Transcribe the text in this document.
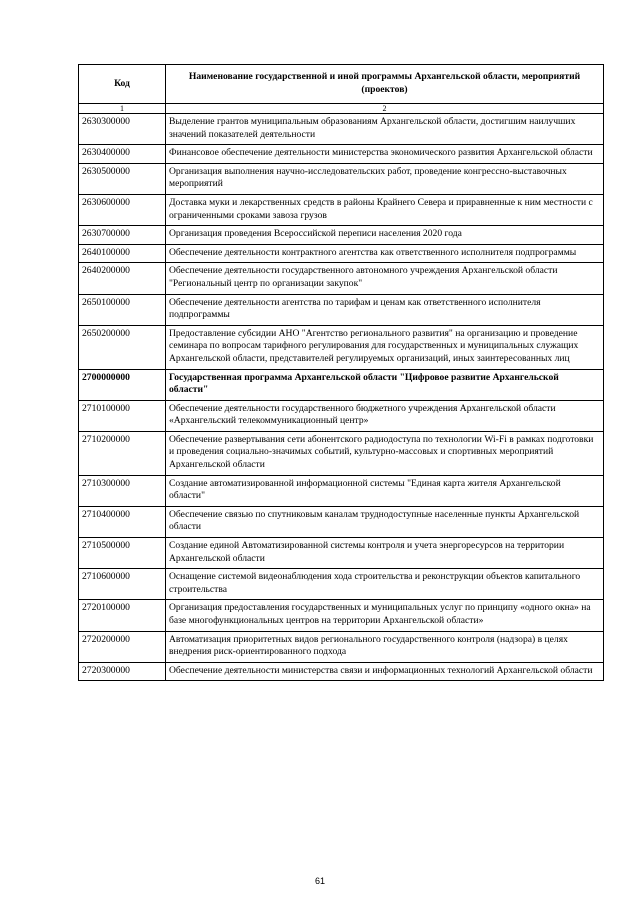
Код	Наименование государственной и иной программы Архангельской области, мероприятий (проектов)
1	2
2630300000	Выделение грантов муниципальным образованиям Архангельской области, достигшим наилучших значений показателей деятельности
2630400000	Финансовое обеспечение деятельности министерства экономического развития Архангельской области
2630500000	Организация выполнения научно-исследовательских работ, проведение конгрессно-выставочных мероприятий
2630600000	Доставка муки и лекарственных средств в районы Крайнего Севера и приравненные к ним местности с ограниченными сроками завоза грузов
2630700000	Организация проведения Всероссийской переписи населения 2020 года
2640100000	Обеспечение деятельности контрактного агентства как ответственного исполнителя подпрограммы
2640200000	Обеспечение деятельности государственного автономного учреждения Архангельской области "Региональный центр по организации закупок"
2650100000	Обеспечение деятельности агентства по тарифам и ценам как ответственного исполнителя подпрограммы
2650200000	Предоставление субсидии АНО "Агентство регионального развития" на организацию и проведение семинара по вопросам тарифного регулирования для государственных и муниципальных служащих Архангельской области, представителей регулируемых организаций, иных заинтересованных лиц
2700000000	Государственная программа Архангельской области "Цифровое развитие Архангельской области"
2710100000	Обеспечение деятельности государственного бюджетного учреждения Архангельской области «Архангельский телекоммуникационный центр»
2710200000	Обеспечение развертывания сети абонентского радиодоступа по технологии Wi-Fi в рамках подготовки и проведения социально-значимых событий, культурно-массовых и спортивных мероприятий Архангельской области
2710300000	Создание автоматизированной информационной системы "Единая карта жителя Архангельской области"
2710400000	Обеспечение связью по спутниковым каналам труднодоступные населенные пункты Архангельской области
2710500000	Создание единой Автоматизированной системы контроля и учета энергоресурсов на территории Архангельской области
2710600000	Оснащение системой видеонаблюдения хода строительства и реконструкции объектов капитального строительства
2720100000	Организация предоставления государственных и муниципальных услуг по принципу «одного окна» на базе многофункциональных центров на территории Архангельской области»
2720200000	Автоматизация приоритетных видов регионального государственного контроля (надзора) в целях внедрения риск-ориентированного подхода
2720300000	Обеспечение деятельности министерства связи и информационных технологий Архангельской области
61
